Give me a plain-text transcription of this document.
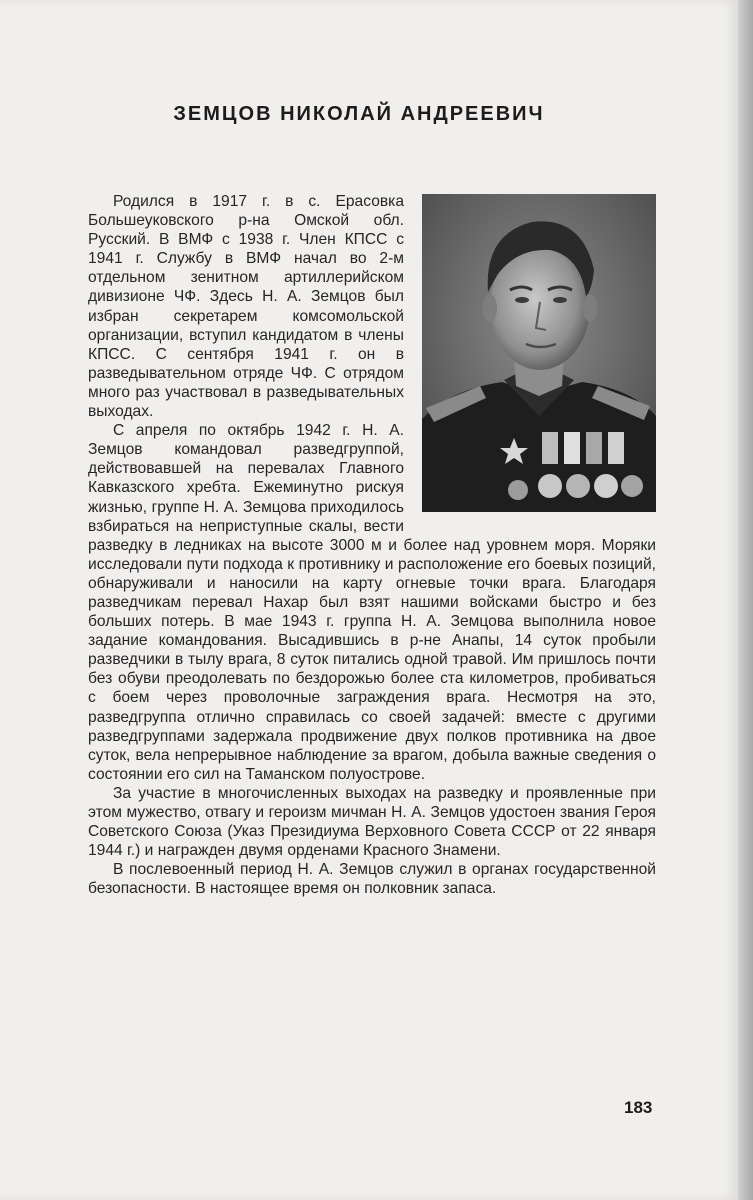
ЗЕМЦОВ НИКОЛАЙ АНДРЕЕВИЧ

Родился в 1917 г. в с. Ерасовка Большеуковского р-на Омской обл. Русский. В ВМФ с 1938 г. Член КПСС с 1941 г. Службу в ВМФ начал во 2-м отдельном зенитном артиллерийском дивизионе ЧФ. Здесь Н. А. Земцов был избран секретарем комсомольской организации, вступил кандидатом в члены КПСС. С сентября 1941 г. он в разведывательном отряде ЧФ. С отрядом много раз участвовал в разведывательных выходах.

С апреля по октябрь 1942 г. Н. А. Земцов командовал разведгруппой, действовавшей на перевалах Главного Кавказского хребта. Ежеминутно рискуя жизнью, группе Н. А. Земцова приходилось взбираться на неприступные скалы, вести разведку в ледниках на высоте 3000 м и более над уровнем моря. Моряки исследовали пути подхода к противнику и расположение его боевых позиций, обнаруживали и наносили на карту огневые точки врага. Благодаря разведчикам перевал Нахар был взят нашими войсками быстро и без больших потерь. В мае 1943 г. группа Н. А. Земцова выполнила новое задание командования. Высадившись в р-не Анапы, 14 суток пробыли разведчики в тылу врага, 8 суток питались одной травой. Им пришлось почти без обуви преодолевать по бездорожью более ста километров, пробиваться с боем через проволочные заграждения врага. Несмотря на это, разведгруппа отлично справилась со своей задачей: вместе с другими разведгруппами задержала продвижение двух полков противника на двое суток, вела непрерывное наблюдение за врагом, добыла важные сведения о состоянии его сил на Таманском полуострове.

За участие в многочисленных выходах на разведку и проявленные при этом мужество, отвагу и героизм мичман Н. А. Земцов удостоен звания Героя Советского Союза (Указ Президиума Верховного Совета СССР от 22 января 1944 г.) и награжден двумя орденами Красного Знамени.

В послевоенный период Н. А. Земцов служил в органах государственной безопасности. В настоящее время он полковник запаса.

183
